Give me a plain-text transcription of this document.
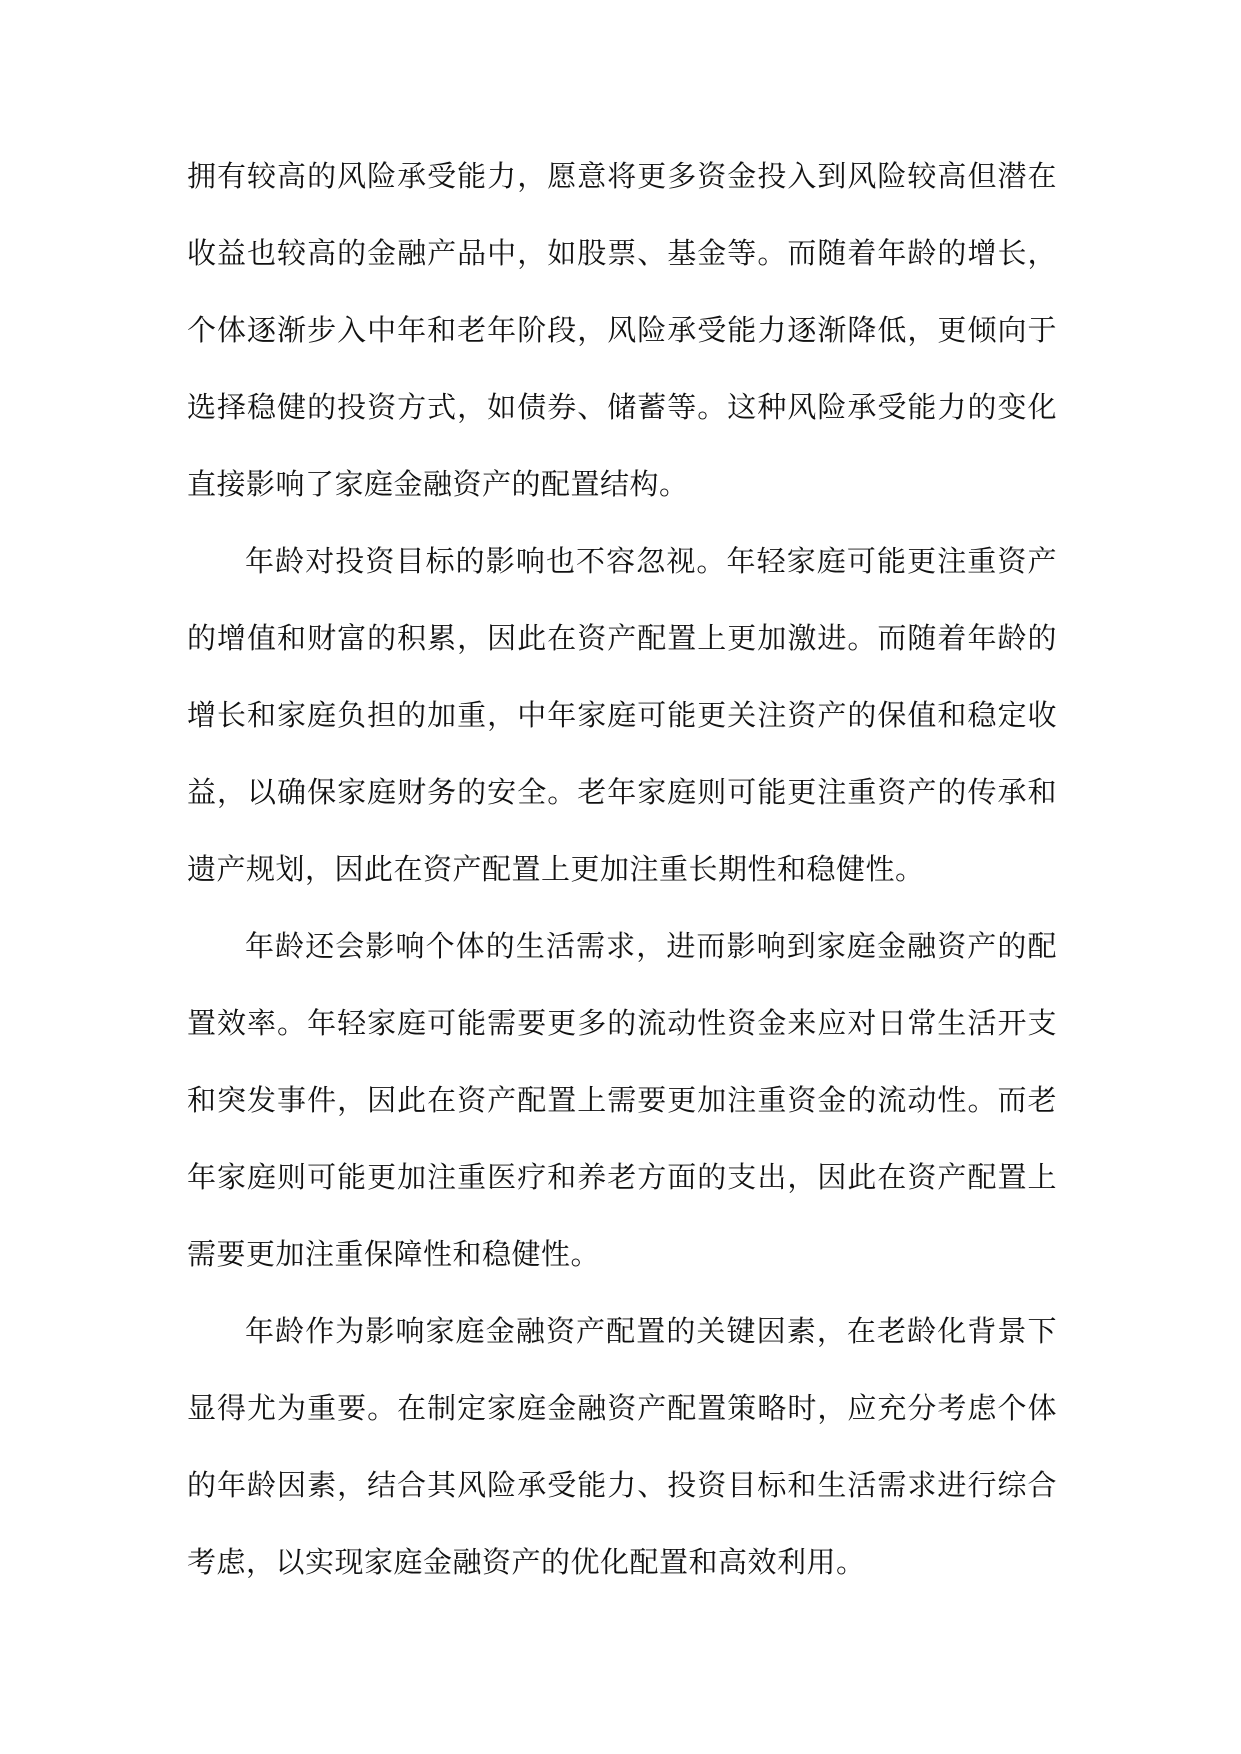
拥有较高的风险承受能力，愿意将更多资金投入到风险较高但潜在收益也较高的金融产品中，如股票、基金等。而随着年龄的增长，个体逐渐步入中年和老年阶段，风险承受能力逐渐降低，更倾向于选择稳健的投资方式，如债券、储蓄等。这种风险承受能力的变化直接影响了家庭金融资产的配置结构。

年龄对投资目标的影响也不容忽视。年轻家庭可能更注重资产的增值和财富的积累，因此在资产配置上更加激进。而随着年龄的增长和家庭负担的加重，中年家庭可能更关注资产的保值和稳定收益，以确保家庭财务的安全。老年家庭则可能更注重资产的传承和遗产规划，因此在资产配置上更加注重长期性和稳健性。

年龄还会影响个体的生活需求，进而影响到家庭金融资产的配置效率。年轻家庭可能需要更多的流动性资金来应对日常生活开支和突发事件，因此在资产配置上需要更加注重资金的流动性。而老年家庭则可能更加注重医疗和养老方面的支出，因此在资产配置上需要更加注重保障性和稳健性。

年龄作为影响家庭金融资产配置的关键因素，在老龄化背景下显得尤为重要。在制定家庭金融资产配置策略时，应充分考虑个体的年龄因素，结合其风险承受能力、投资目标和生活需求进行综合考虑，以实现家庭金融资产的优化配置和高效利用。
